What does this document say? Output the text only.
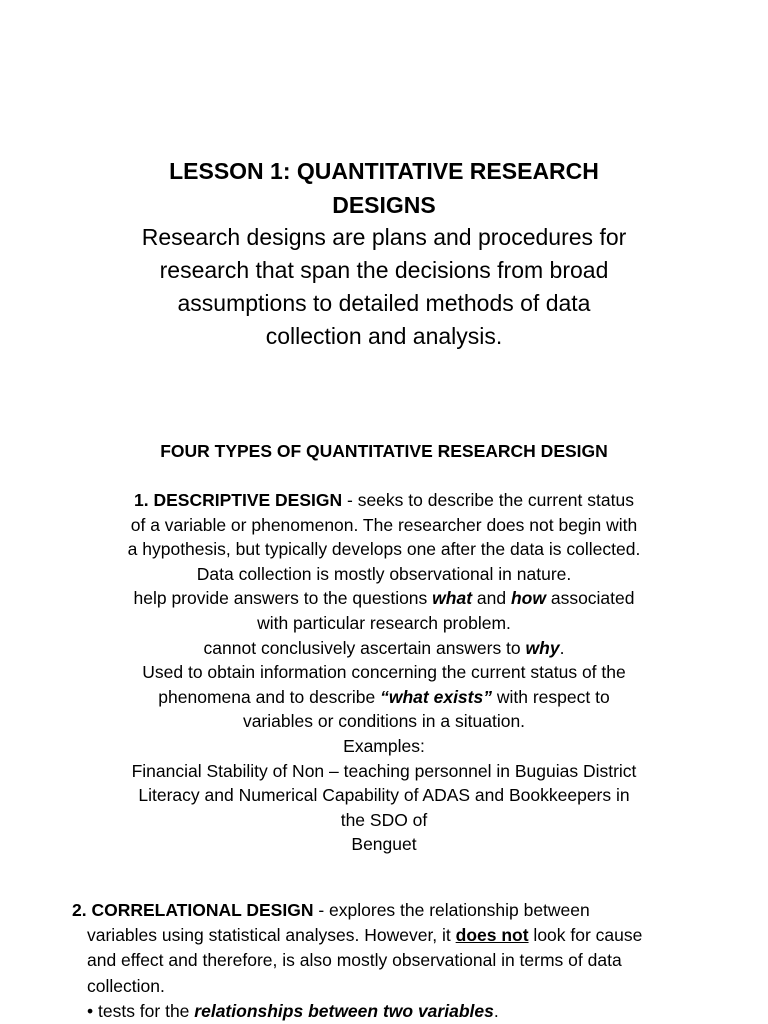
LESSON 1: QUANTITATIVE RESEARCH
DESIGNS
Research designs are plans and procedures for
research that span the decisions from broad
assumptions to detailed methods of data
collection and analysis.
FOUR TYPES OF QUANTITATIVE RESEARCH DESIGN
1. DESCRIPTIVE DESIGN - seeks to describe the current status
of a variable or phenomenon. The researcher does not begin with
a hypothesis, but typically develops one after the data is collected.
Data collection is mostly observational in nature.
help provide answers to the questions what and how associated
with particular research problem.
cannot conclusively ascertain answers to why.
Used to obtain information concerning the current status of the
phenomena and to describe “what exists” with respect to
variables or conditions in a situation.
Examples:
Financial Stability of Non – teaching personnel in Buguias District
Literacy and Numerical Capability of ADAS and Bookkeepers in
the SDO of
Benguet
2. CORRELATIONAL DESIGN - explores the relationship between
variables using statistical analyses. However, it does not look for cause
and effect and therefore, is also mostly observational in terms of data
collection.
• tests for the relationships between two variables.
